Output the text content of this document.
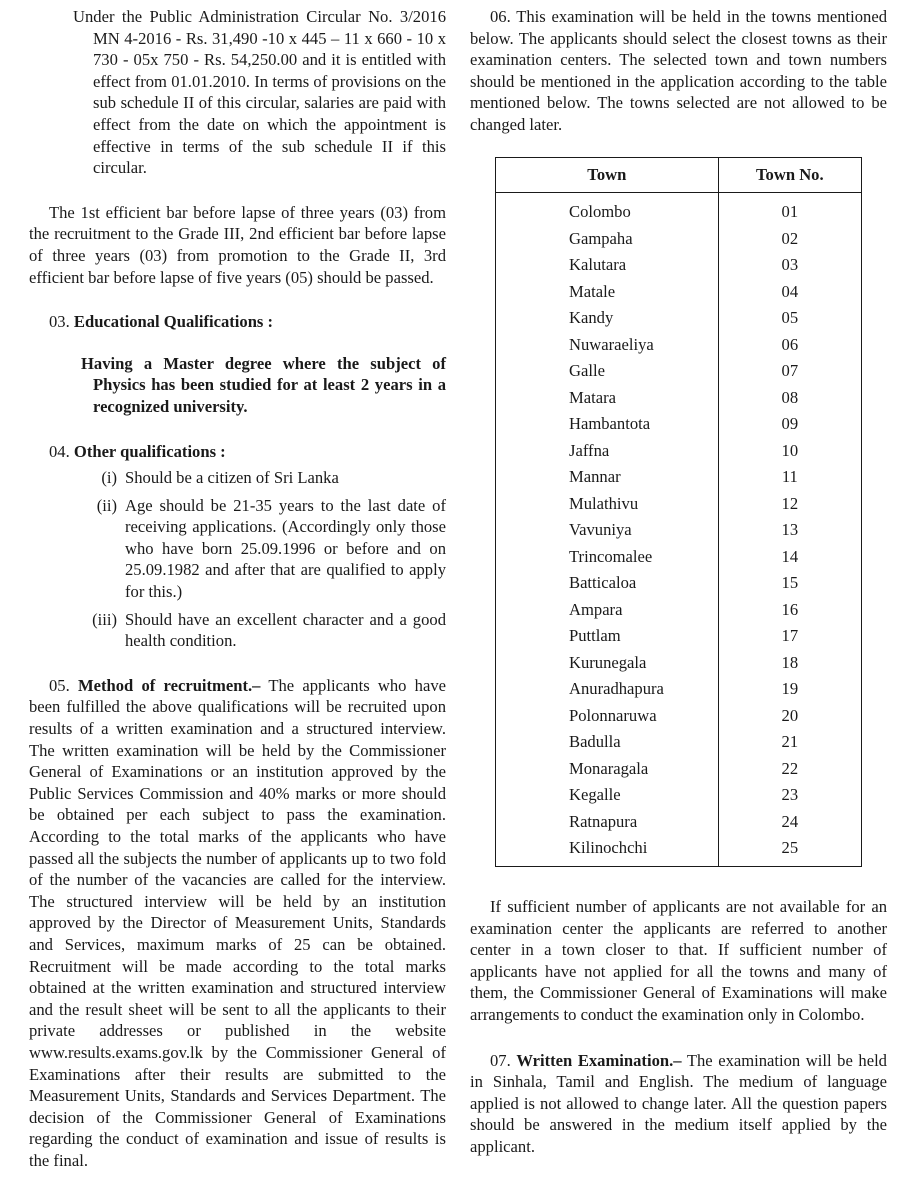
Under the Public Administration Circular No. 3/2016 MN 4-2016 - Rs. 31,490 -10 x 445 – 11 x 660 - 10 x 730 - 05x 750 - Rs. 54,250.00 and it is entitled with effect from 01.01.2010. In terms of provisions on the sub schedule II of this circular, salaries are paid with effect from the date on which the appointment is effective in terms of the sub schedule II if this circular.

The 1st efficient bar before lapse of three years (03) from the recruitment to the Grade III, 2nd efficient bar before lapse of three years (03) from promotion to the Grade II, 3rd efficient bar before lapse of five years (05) should be passed.

03. Educational Qualifications :

Having a Master degree where the subject of Physics has been studied for at least 2 years in a recognized university.

04. Other qualifications :

(i) Should be a citizen of Sri Lanka
(ii) Age should be 21-35 years to the last date of receiving applications. (Accordingly only those who have born 25.09.1996 or before and on 25.09.1982 and after that are qualified to apply for this.)
(iii) Should have an excellent character and a good health condition.

05. Method of recruitment.– The applicants who have been fulfilled the above qualifications will be recruited upon results of a written examination and a structured interview. The written examination will be held by the Commissioner General of Examinations or an institution approved by the Public Services Commission and 40% marks or more should be obtained per each subject to pass the examination. According to the total marks of the applicants who have passed all the subjects the number of applicants up to two fold of the number of the vacancies are called for the interview. The structured interview will be held by an institution approved by the Director of Measurement Units, Standards and Services, maximum marks of 25 can be obtained. Recruitment will be made according to the total marks obtained at the written examination and structured interview and the result sheet will be sent to all the applicants to their private addresses or published in the website www.results.exams.gov.lk by the Commissioner General of Examinations after their results are submitted to the Measurement Units, Standards and Services Department. The decision of the Commissioner General of Examinations regarding the conduct of examination and issue of results is the final.

06. This examination will be held in the towns mentioned below. The applicants should select the closest towns as their examination centers. The selected town and town numbers should be mentioned in the application according to the table mentioned below. The towns selected are not allowed to be changed later.

Town	Town No.
Colombo	01
Gampaha	02
Kalutara	03
Matale	04
Kandy	05
Nuwaraeliya	06
Galle	07
Matara	08
Hambantota	09
Jaffna	10
Mannar	11
Mulathivu	12
Vavuniya	13
Trincomalee	14
Batticaloa	15
Ampara	16
Puttlam	17
Kurunegala	18
Anuradhapura	19
Polonnaruwa	20
Badulla	21
Monaragala	22
Kegalle	23
Ratnapura	24
Kilinochchi	25

If sufficient number of applicants are not available for an examination center the applicants are referred to another center in a town closer to that. If sufficient number of applicants have not applied for all the towns and many of them, the Commissioner General of Examinations will make arrangements to conduct the examination only in Colombo.

07. Written Examination.– The examination will be held in Sinhala, Tamil and English. The medium of language applied is not allowed to change later. All the question papers should be answered in the medium itself applied by the applicant.
